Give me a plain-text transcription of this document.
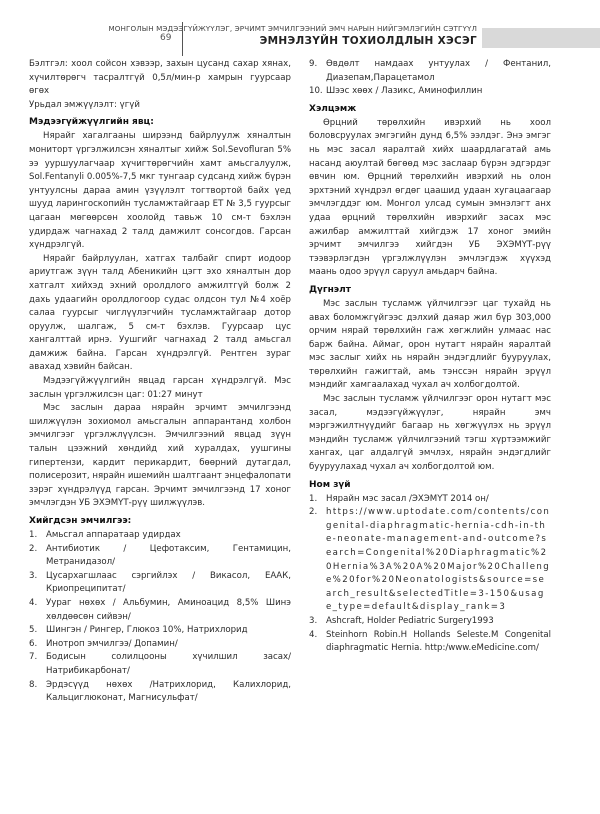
69
МОНГОЛЫН МЭДЭЭГҮЙЖҮҮЛЭГ, ЭРЧИМТ ЭМЧИЛГЭЭНИЙ ЭМЧ НАРЫН НИЙГЭМЛЭГИЙН СЭТГҮҮЛ
ЭМНЭЛЗҮЙН ТОХИОЛДЛЫН ХЭСЭГ

Бэлтгэл: хоол сойсон хэвээр, захын цусанд сахар хянах, хүчилтөрөгч тасралтгүй 0,5л/мин-р хамрын гуурсаар өгөх

Урьдал эмжүүлэлт: үгүй

Мэдээгүйжүүлгийн явц:

Нярайг хагалгааны ширээнд байрлуулж хяналтын мониторт үргэлжилсэн хяналтыг хийж Sol.Sevofluran 5% ээ ууршуулагчаар хүчигтөрөгчийн хамт амьсгалуулж, Sol.Fentanyli 0.005%-7,5 мкг тунгаар судсанд хийж бүрэн унтуулсны дараа амин үзүүлэлт тогтвортой байх үед шууд ларингоскопийн тусламжтайгаар ЕТ № 3,5 гуурсыг цагаан мөгөөрсөн хоолойд тавьж 10 см-т бэхлэн удирдаж чагнахад 2 талд дамжилт сонсогдов. Гарсан хүндрэлгүй.

Нярайг байрлуулан, хатгах талбайг спирт иодоор ариутгаж зүүн талд Абеникийн цэгт эхо хяналтын дор хатгалт хийхэд эхний оролдлого амжилтгүй болж 2 дахь удаагийн оролдлогоор судас олдсон тул №4 хоёр салаа гуурсыг чиглүүлэгчийн тусламжтайгаар дотор оруулж, шалгаж, 5 см-т бэхлэв. Гуурсаар цус хангалттай ирнэ. Уушгийг чагнахад 2 талд амьсгал дамжиж байна. Гарсан хүндрэлгүй. Рентген зураг авахад хэвийн байсан.

Мэдээгүйжүүлгийн явцад гарсан хүндрэлгүй. Мэс заслын үргэлжилсэн цаг: 01:27 минут

Мэс заслын дараа нярайн эрчимт эмчилгээнд шилжүүлэн зохиомол амьсгалын аппарантанд холбон эмчилгээг үргэлжлүүлсэн. Эмчилгээний явцад зүүн талын цээжний хөндийд хий хуралдах, уушгины гипертензи, кардит перикардит, бөөрний дутагдал, полисерозит, нярайн ишемийн шалтгаант энцефалопати зэрэг хүндрэлүүд гарсан. Эрчимт эмчилгээнд 17 хоног эмчлэгдэн УБ ЭХЭМҮТ-рүү шилжүүлэв.

Хийгдсэн эмчилгээ:
1. Амьсгал аппаратаар удирдах
2. Антибиотик / Цефотаксим, Гентамицин, Метранидазол/
3. Цусархагшлаас сэргийлэх / Викасол, ЕААК, Криопреципитат/
4. Уураг нөхөх / Альбумин, Аминоацид 8,5% Шинэ хөлдөөсөн сийвэн/
5. Шингэн / Рингер, Глюкоз 10%, Натрихлорид
6. Инотроп эмчилгээ/ Допамин/
7. Бодисын солилцооны хүчилшил засах/ Натрибикарбонат/
8. Эрдэсүүд нөхөх /Натрихлорид, Калихлорид, Кальциглюконат, Магнисульфат/
9. Өвдөлт намдаах унтуулах / Фентанил, Диазепам,Парацетамол
10. Шээс хөөх / Лазикс, Аминофиллин
Хэлцэмж

Өрцний төрөлхийн ивэрхий нь хоол боловсруулах эмгэгийн дунд 6,5% ээлдэг. Энэ эмгэг нь мэс засал яаралтай хийх шаардлагатай амь насанд аюултай бөгөөд мэс заслаар бүрэн эдгэрдэг өвчин юм. Өрцний төрөлхийн ивэрхий нь олон эрхтэний хүндрэл өгдөг цаашид удаан хугацаагаар эмчлэгддэг юм. Монгол улсад сумын эмнэлэгт анх удаа өрцний төрөлхийн ивэрхийг засах мэс ажилбар амжилттай хийгдэж 17 хоног эмийн эрчимт эмчилгээ хийгдэн УБ ЭХЭМҮТ-рүү тээвэрлэгдэн үргэлжлүүлэн эмчлэгдэж хүүхэд маань одоо эрүүл саруул амьдарч байна.

Дүгнэлт

Мэс заслын тусламж үйлчилгээг цаг тухайд нь авах боломжгүйгээс дэлхий даяар жил бүр 303,000 орчим нярай төрөлхийн гаж хөгжлийн улмаас нас барж байна. Аймаг, орон нутагт нярайн яаралтай мэс заслыг хийх нь нярайн эндэгдлийг бууруулах, төрөлхийн гажигтай, амь тэнссэн нярайн эрүүл мэндийг хамгаалахад чухал ач холбогдолтой.

Мэс заслын тусламж үйлчилгээг орон нутагт мэс засал, мэдээгүйжүүлэг, нярайн эмч мэргэжилтнүүдийг багаар нь хөгжүүлэх нь эрүүл мэндийн тусламж үйлчилгээний тэгш хүртээмжийг хангах, цаг алдалгүй эмчлэх, нярайн эндэгдлийг бууруулахад чухал ач холбогдолтой юм.

Ном зүй
1. Нярайн мэс засал /ЭХЭМҮТ 2014 он/
2. https://www.uptodate.com/contents/congenital-diaphragmatic-hernia-cdh-in-the-neonate-management-and-outcome?search=Congenital%20Diaphragmatic%20Hernia%3A%20A%20Major%20Challenge%20for%20Neonatologists&source=search_result&selectedTitle=3-150&usage_type=default&display_rank=3
3. Ashcraft, Holder Pediatric Surgery1993
4. Steinhorn Robin.H Hollands Seleste.M Congenital diaphragmatic Hernia. http:/www.eMedicine.com/
